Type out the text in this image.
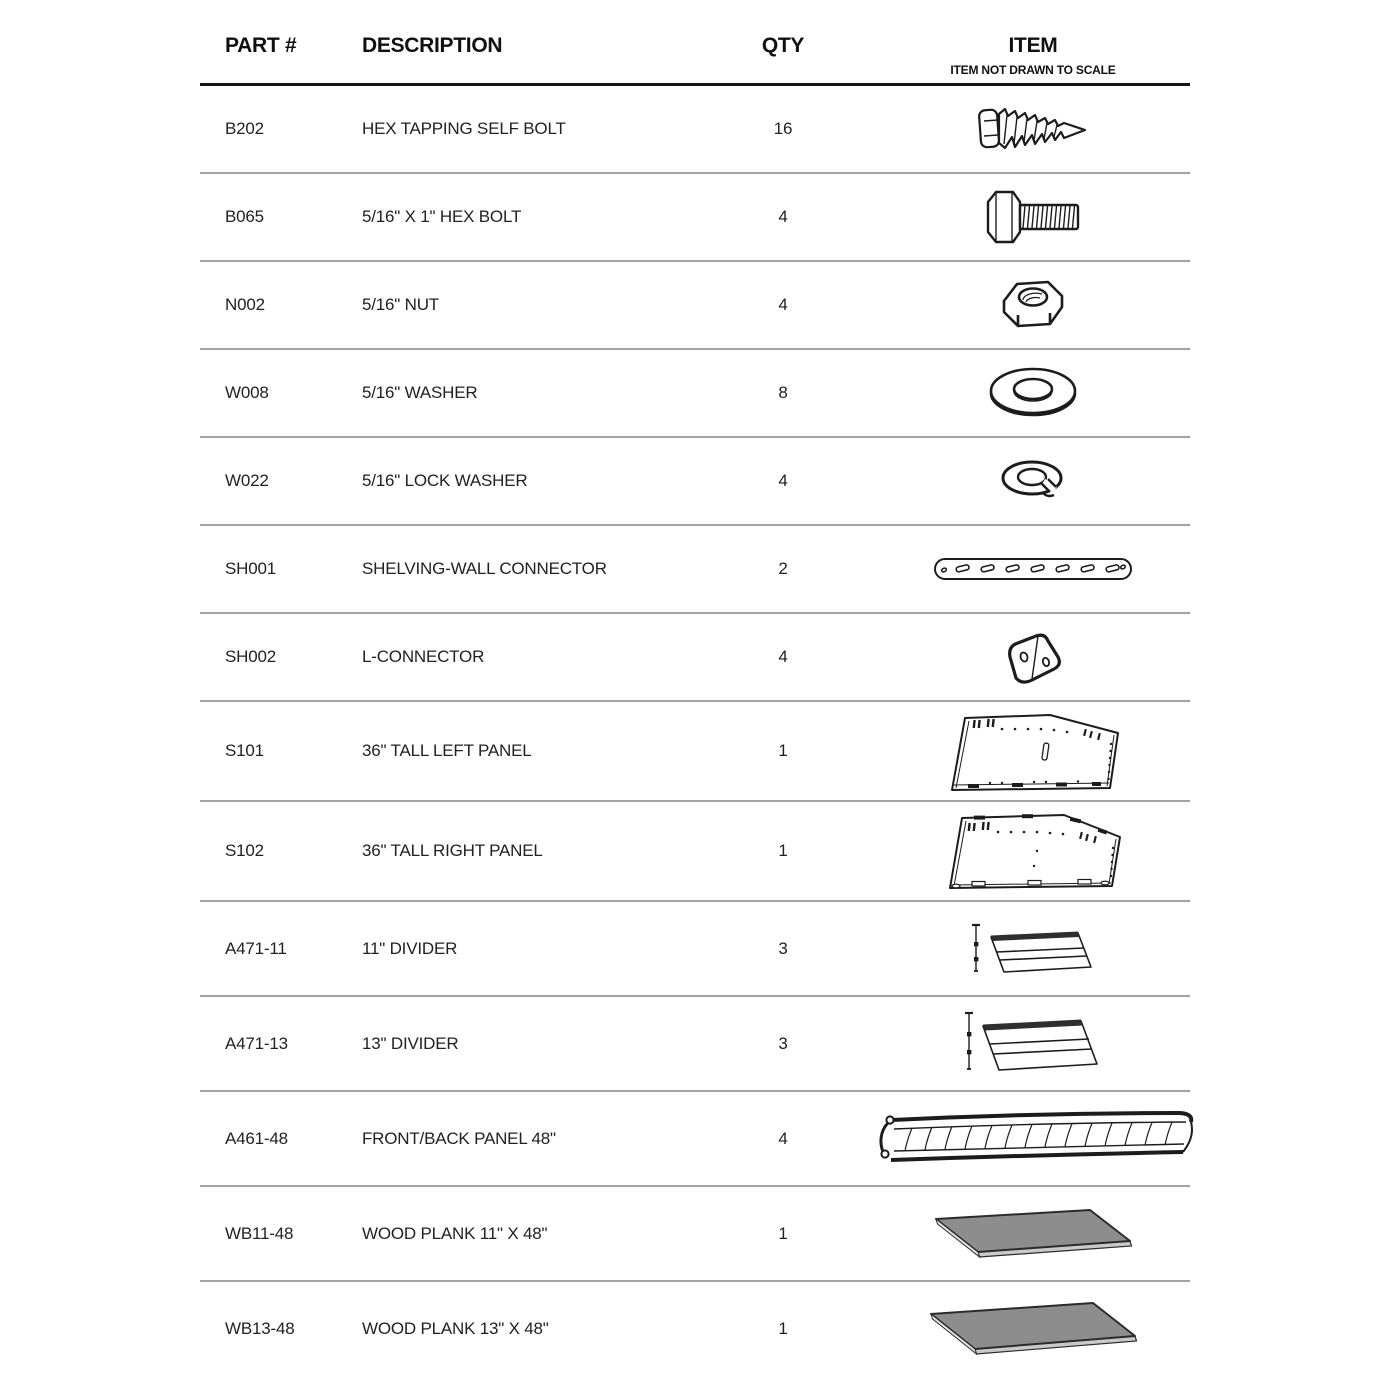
PART #	DESCRIPTION	QTY	ITEM
ITEM NOT DRAWN TO SCALE
B202	HEX TAPPING SELF BOLT	16
B065	5/16" X 1" HEX BOLT	4
N002	5/16" NUT	4
W008	5/16" WASHER	8
W022	5/16" LOCK WASHER	4
SH001	SHELVING-WALL CONNECTOR	2
SH002	L-CONNECTOR	4
S101	36" TALL LEFT PANEL	1
S102	36" TALL RIGHT PANEL	1
A471-11	11" DIVIDER	3
A471-13	13" DIVIDER	3
A461-48	FRONT/BACK PANEL 48"	4
WB11-48	WOOD PLANK 11" X 48"	1
WB13-48	WOOD PLANK 13" X 48"	1
